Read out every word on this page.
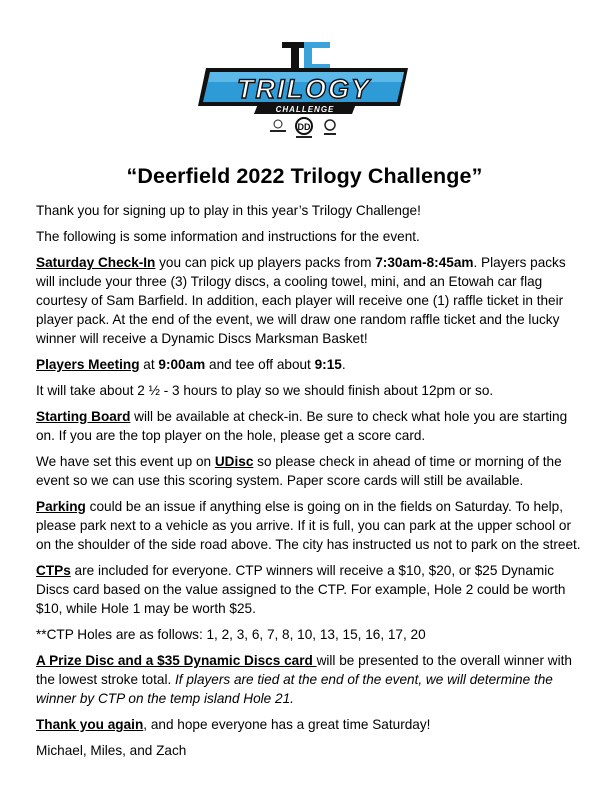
TRILOGY
CHALLENGE
DD
“Deerfield 2022 Trilogy Challenge”

Thank you for signing up to play in this year’s Trilogy Challenge!

The following is some information and instructions for the event.

Saturday Check-In you can pick up players packs from 7:30am-8:45am. Players packs will include your three (3) Trilogy discs, a cooling towel, mini, and an Etowah car flag courtesy of Sam Barfield. In addition, each player will receive one (1) raffle ticket in their player pack. At the end of the event, we will draw one random raffle ticket and the lucky winner will receive a Dynamic Discs Marksman Basket!

Players Meeting at 9:00am and tee off about 9:15.

It will take about 2 ½ - 3 hours to play so we should finish about 12pm or so.

Starting Board will be available at check-in. Be sure to check what hole you are starting on. If you are the top player on the hole, please get a score card.

We have set this event up on UDisc so please check in ahead of time or morning of the event so we can use this scoring system. Paper score cards will still be available.

Parking could be an issue if anything else is going on in the fields on Saturday. To help, please park next to a vehicle as you arrive. If it is full, you can park at the upper school or on the shoulder of the side road above. The city has instructed us not to park on the street.

CTPs are included for everyone. CTP winners will receive a $10, $20, or $25 Dynamic Discs card based on the value assigned to the CTP. For example, Hole 2 could be worth $10, while Hole 1 may be worth $25.

**CTP Holes are as follows: 1, 2, 3, 6, 7, 8, 10, 13, 15, 16, 17, 20

A Prize Disc and a $35 Dynamic Discs card will be presented to the overall winner with the lowest stroke total. If players are tied at the end of the event, we will determine the winner by CTP on the temp island Hole 21.

Thank you again, and hope everyone has a great time Saturday!

Michael, Miles, and Zach
